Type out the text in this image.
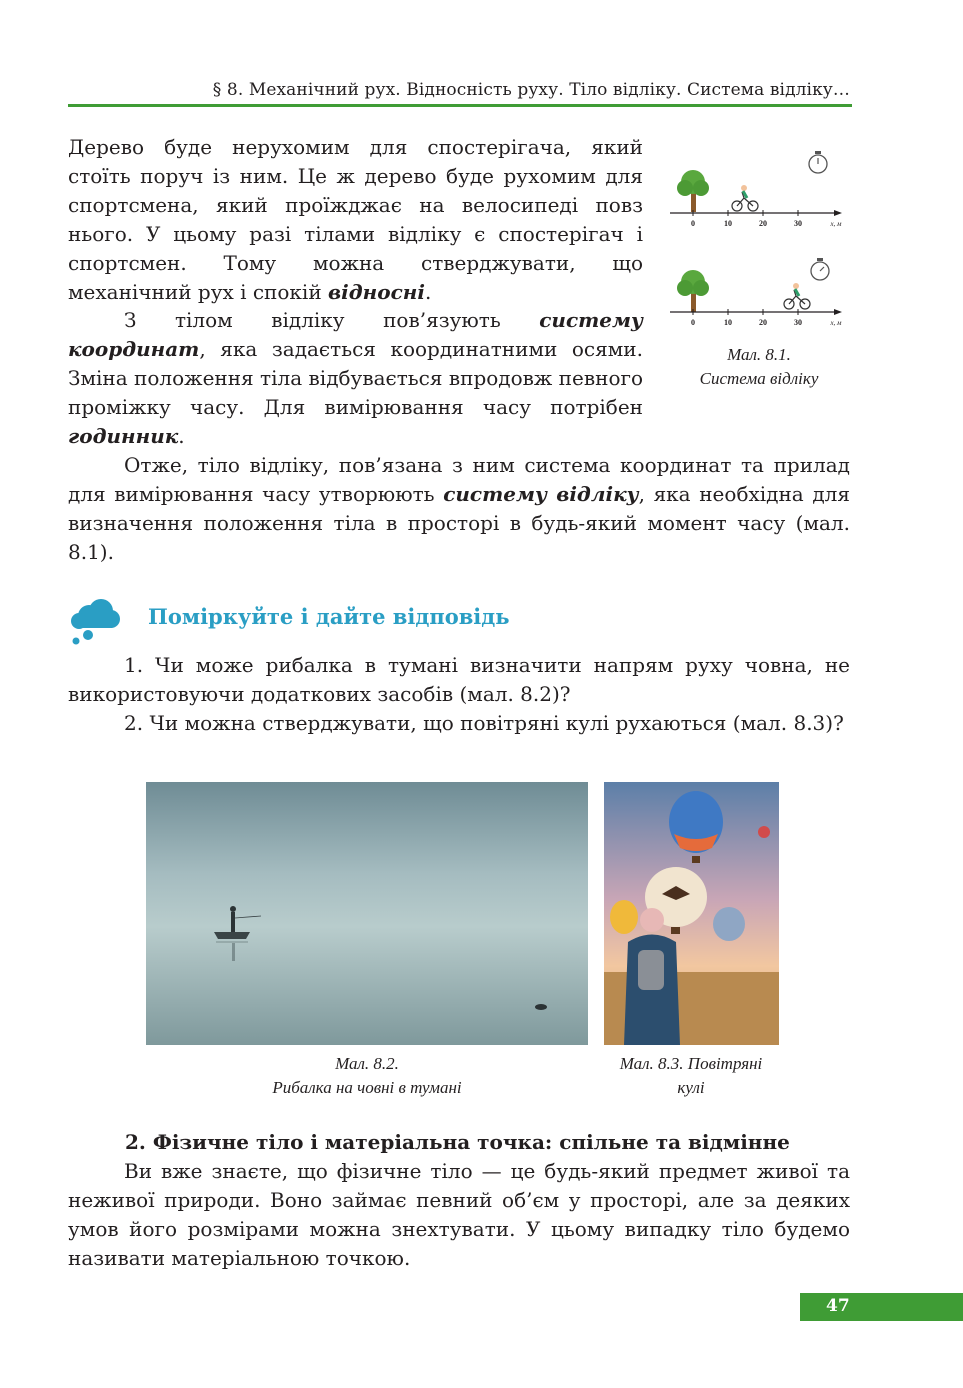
§ 8. Механічний рух. Відносність руху. Тіло відліку. Система відліку…

Дерево буде нерухомим для спостерігача, який стоїть поруч із ним. Це ж дерево буде рухомим для спортсмена, який проїжджає на велосипеді повз нього. У цьому разі тілами відліку є спостерігач і спортсмен. Тому можна стверджувати, що механічний рух і спокій відносні.

З тілом відліку пов’язують систему координат, яка задається координатними осями. Зміна положення тіла відбувається впродовж певного проміжку часу. Для вимірювання часу потрібен годинник.

Отже, тіло відліку, пов’язана з ним система координат та прилад для вимірювання часу утворюють систему відліку, яка необхідна для визначення положення тіла в просторі в будь-який момент часу (мал. 8.1).

0	10	20	30	x, м
0	10	20	30	x, м
Мал. 8.1.
Система відліку
Поміркуйте і дайте відповідь

1. Чи може рибалка в тумані визначити напрям руху човна, не використовуючи додаткових засобів (мал. 8.2)?

2. Чи можна стверджувати, що повітряні кулі рухаються (мал. 8.3)?

Мал. 8.2.
Рибалка на човні в тумані
Мал. 8.3. Повітряні
кулі
2. Фізичне тіло і матеріальна точка: спільне та відмінне

Ви вже знаєте, що фізичне тіло — це будь-який предмет живої та неживої природи. Воно займає певний об’єм у просторі, але за деяких умов його розмірами можна знехтувати. У цьому випадку тіло будемо називати матеріальною точкою.

47
